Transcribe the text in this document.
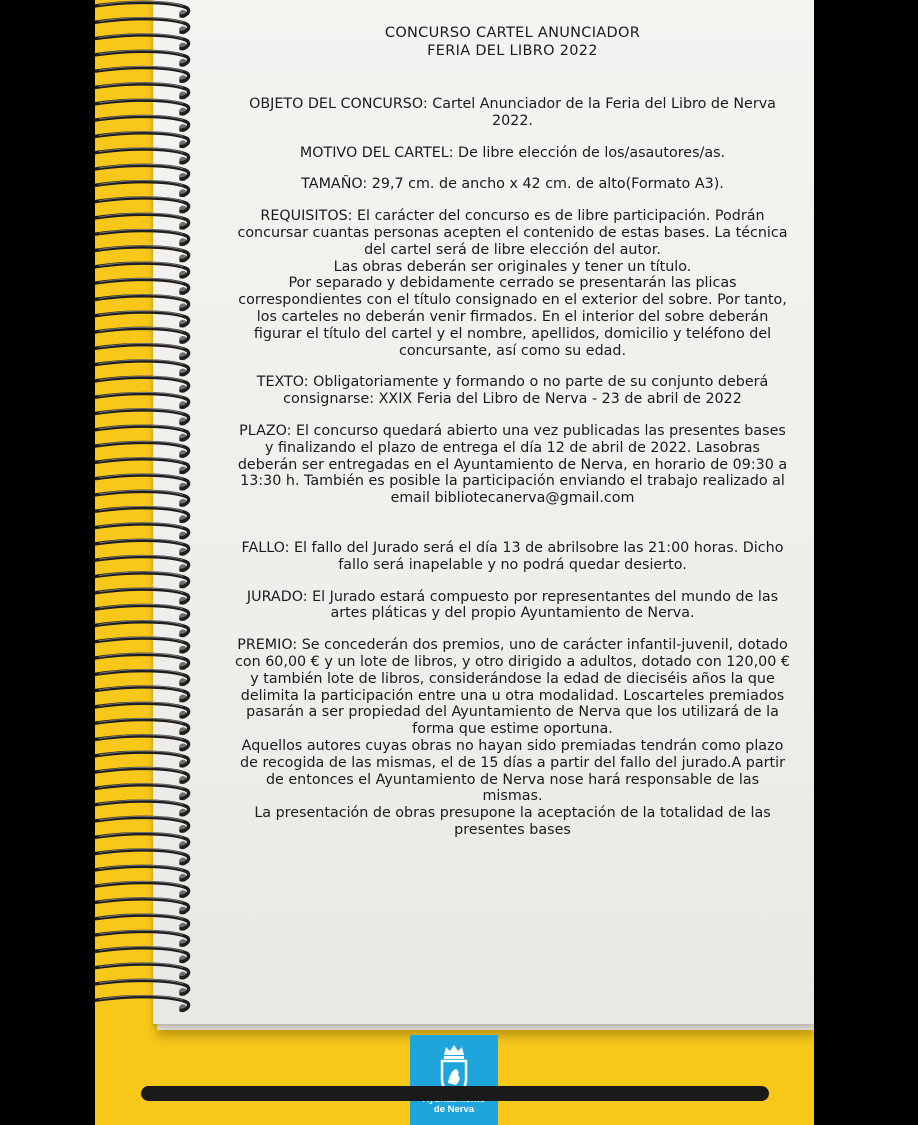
CONCURSO CARTEL ANUNCIADOR
FERIA DEL LIBRO 2022

OBJETO DEL CONCURSO: Cartel Anunciador de la Feria del Libro de Nerva 2022.

MOTIVO DEL CARTEL: De libre elección de los/asautores/as.

TAMAÑO: 29,7 cm. de ancho x 42 cm. de alto(Formato A3).

REQUISITOS: El carácter del concurso es de libre participación. Podrán concursar cuantas personas acepten el contenido de estas bases. La técnica del cartel será de libre elección del autor.

Las obras deberán ser originales y tener un título.

Por separado y debidamente cerrado se presentarán las plicas correspondientes con el título consignado en el exterior del sobre. Por tanto, los carteles no deberán venir firmados. En el interior del sobre deberán figurar el título del cartel y el nombre, apellidos, domicilio y teléfono del concursante, así como su edad.

TEXTO: Obligatoriamente y formando o no parte de su conjunto deberá consignarse: XXIX Feria del Libro de Nerva - 23 de abril de 2022

PLAZO: El concurso quedará abierto una vez publicadas las presentes bases y finalizando el plazo de entrega el día 12 de abril de 2022. Lasobras deberán ser entregadas en el Ayuntamiento de Nerva, en horario de 09:30 a 13:30 h. También es posible la participación enviando el trabajo realizado al email bibliotecanerva@gmail.com

FALLO: El fallo del Jurado será el día 13 de abrilsobre las 21:00 horas. Dicho fallo será inapelable y no podrá quedar desierto.

JURADO: El Jurado estará compuesto por representantes del mundo de las artes pláticas y del propio Ayuntamiento de Nerva.

PREMIO: Se concederán dos premios, uno de carácter infantil-juvenil, dotado con 60,00 € y un lote de libros, y otro dirigido a adultos, dotado con 120,00 € y también lote de libros, considerándose la edad de dieciséis años la que delimita la participación entre una u otra modalidad. Loscarteles premiados pasarán a ser propiedad del Ayuntamiento de Nerva que los utilizará de la forma que estime oportuna.

Aquellos autores cuyas obras no hayan sido premiadas tendrán como plazo de recogida de las mismas, el de 15 días a partir del fallo del jurado.A partir de entonces el Ayuntamiento de Nerva nose hará responsable de las mismas.

La presentación de obras presupone la aceptación de la totalidad de las presentes bases

de Nerva
